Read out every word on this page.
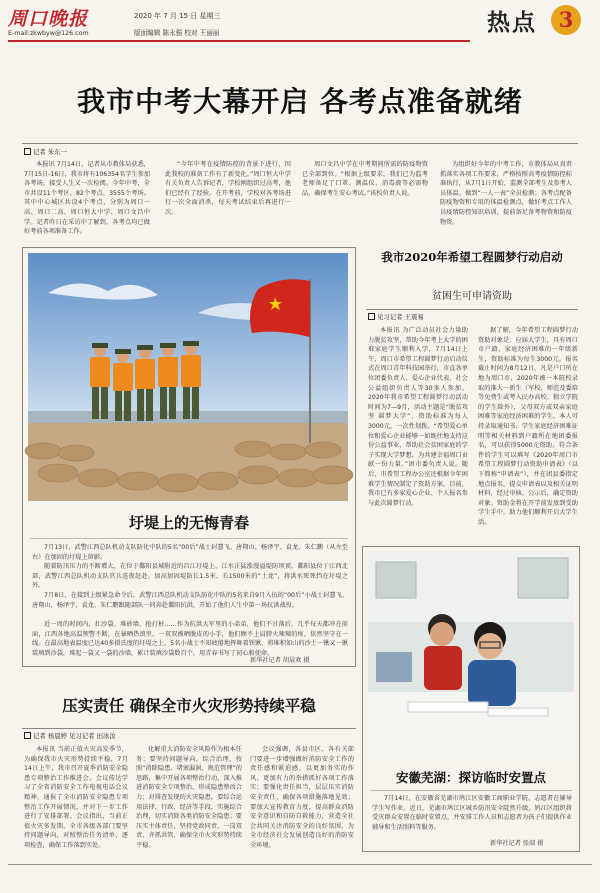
周口晚报
E-mail:zkwbyw@126.com
2020 年 7 月 15 日 星期三
版面编辑 陈永强 校对 王丽丽	热点	3
我市中考大幕开启 各考点准备就绪
记者 朱东一
本报讯 7月14日，记者从市教体局获悉，7月15日-16日，我市将有106354名学生参加各考场，接受人生又一次检阅。今年中考，全市共设11个考区、82个考点、3555个考场。其中中心城区共设4个考点，分别为周口一高、周口二高、周口恒大中学、周口文昌中学。记者昨日在采访中了解到，各考点均已做好考前各项准备工作。
“今年中考在疫情防控的背景下进行，因此我校的准备工作有了新变化。”周口恒大中学有关负责人告诉记者，学校刚组织过高考，他们已经有了经验。在开考前，学校对各考场进行一次全面消杀，每天考试结束后再进行一次。
周口文昌中学在中考期间所需的防疫物资已全部到位。“根据上级要求，我们已为监考老师备足了口罩、测温仪、消毒液等必需物品，确保考生安心考试。”该校负责人说。
为组织好今年的中考工作，市教体局从真责抓落实各项工作要求，严格按照高考疫情防控标准执行，从7月1日开始，监测全部考生及参考人员体温。做到“一人一表”全员检测；各考点配备防疫物资和专用的体温检测点，做好考点工作人员疫情防控知识培训，提前备足备考物资和防疫物资。
圩堤上的无悔青春
7月13日，武警江西总队机动支队防化中队的5名“00后”战士封慧飞、唐翔山、杨泽宇、袁龙、朱仁鹏（从左至右）在加固的圩堤上留影。
随着防汛压力的不断增大，在位于鄱阳县城附近的昌江圩堤上，江水正猛涨漫溢堤防坝顶。鄱阳县位于江西北部，武警江西总队机动支队官兵连夜赶赴，加高加固堤防长1.5米、长1500米的“土龙”，将洪水死死挡在圩堤之外。
7月8日，在接到上级紧急命令后，武警江西总队机动支队防化中队的5名来自9月入伍的“00后”小战士封慧飞、唐翔山、杨泽宇、袁龙、朱仁鹏跟随部队一同奔赴鄱阳抗洪，开始了他们人生中第一场抗洪战役。
近一周的时间内，扛沙袋、堆砂墙、抢打桩……作为抗洪大军里的小弟弟，他们不甘落后，几乎每天都冲在前面，江西各地高温预警不断，在暴晒热浪里，一双双被晒脱皮的小手，他们顾不上肩膀火辣辣的疼，依然坚守在一线。在最高地表温度已达40多摄氏度的圩堤之上，5名小战士不知疲倦地挥舞着铁锹，将堆积如山的沙土一锹又一锹装填到沙袋，堆起一袋又一袋的沙墙，累计装填沙袋数百个，用青春书写了初心和使命。
新华社记者 胡晨欢 摄
我市2020年希望工程圆梦行动启动
贫困生可申请资助
见习记者 王震易
本报讯 为广泛动员社会力量助力脱贫攻坚，帮助今年考上大学的困难家庭学生顺利入学，7月14日上午，周口市希望工程圆梦行动启动仪式在周口青年科技园举行，市直各单位团委负责人、爱心企业代表、社会公益组织负责人等30多人参加。2020年我市希望工程圆梦行动活动时间为7—9月，活动主题是“脱贫攻坚 圆梦大学”，资助标准为每人3000元，一次性划拨。“希望爱心单位和爱心企业能够一如既往地支持这份公益事业，帮助社会贫困家庭的学子实现大学梦想，为共建幸福周口贡献一份力量。”团市委负责人说。随后，市希望工程办公室还根据今年困难学生情况制定了资助方案，目前，我市已有多家爱心企业、个人报名参与此次圆梦行动。
据了解，今年希望工程圆梦行动资助对象是：应届大学生，具有周口市户籍，家庭经济困难的一年级新生，资助标准为每生3000元。报名截止时间为8月12日，凡是户口所在地为周口市、2020年被一本院校录取的准大一新生（军校、师范及委培等免费生或考入民办高校、独立学院的学生除外），父母双方或双亲家庭困难等家庭经济困难的学生，本人可持录取通知书、学生家庭经济困难证明等相关材料到户籍所在地团委报名，可以获得5000元资助。符合条件的学生可以填写《2020年周口市希望工程圆梦行动资助申请表》（以下简称“申请表”），并在团县委指定地点报名，提交申请表以及相关证明材料，经过审核、公示后，确定资助对象。资助金将在开学前发放到受助学生手中，助力他们顺利开启大学生活。
安徽芜湖：探访临时安置点
7月14日，在安徽省芜湖市鸠江区安徽工商职业学院，志愿者在辅导学生写作业。近日，芜湖市鸠江区城乡防汛安全陡然升级，鸠江区组织将受灾群众安置在临时安置点，并安排工作人员和志愿者为孩子们提供作业辅导和生活照料等服务。
新华社记者 张端 摄
压实责任 确保全市火灾形势持续平稳
记者 杨晨婷 见习记者 田冰汝
本报讯 当前正值火灾高发季节，为确保我市火灾形势持续平稳，7月14日上午，我市召开夏季消防安全隐患专项整治工作推进会。会议传达学习了全省消防安全工作电视电话会议精神，通报了全市消防安全隐患专项整治工作开展情况，并对下一步工作进行了安排部署。会议指出，当前正值火灾多发期，全市各级各部门要坚持问题导向，对照整治任务清单，逐项检查，确保工作落到实处。
化解重大消防安全风险作为根本任务；要坚持问题导向，综合治理，按照“消除隐患、堵塞漏洞、规范管理”的思路，集中开展各项整治行动，深入推进消防安全专项整治，形成隐患整改合力；对排查发现的火灾隐患，要综合运用法律、行政、经济等手段，实施综合治理，切实消除各类消防安全隐患；要压实主体责任，坚持党政同责、一岗双责、齐抓共管，确保全市火灾形势持续平稳。
会议强调，各县市区、各有关部门要进一步增强做好消防安全工作的责任感和紧迫感，以更加务实的作风、更加有力的举措抓好各项工作落实；要强化责任担当，层层压实消防安全责任，确保各项措施落地见效；要加大宣传教育力度，提高群众消防安全意识和自防自救能力，营造全社会共同关注消防安全的良好氛围，为全市经济社会发展创造良好的消防安全环境。
